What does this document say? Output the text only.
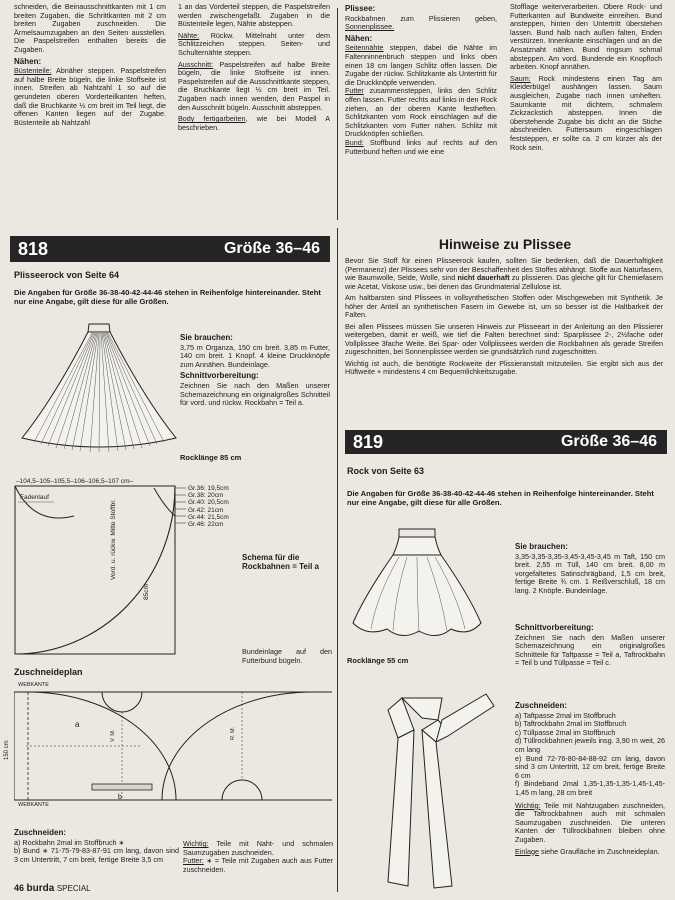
schneiden, die Beinausschnittkanten mit 1 cm breiten Zugaben, die Schrittkanten mit 2 cm breiten Zugaben zuschneiden. Die Ärmelsaumzugaben an den Seiten ausstellen. Die Paspelstreifen enthalten bereits die Zugaben.

Nähen:

Büstenteile: Abnäher steppen. Paspelstreifen auf halbe Breite bügeln, die linke Stoffseite ist innen. Streifen ab Nahtzahl 1 so auf die gerundeten oberen Vorderteilkanten heften, daß die Bruchkante ½ cm breit im Teil liegt, die offenen Kanten liegen auf der Zugabe. Büstenteile ab Nahtzahl

1 an das Vorderteil steppen, die Paspelstreifen werden zwischengefaßt. Zugaben in die Büstenteile legen, Nähte absteppen.

Nähte: Rückw. Mittelnaht unter dem Schlitzzeichen steppen. Seiten- und Schulternähte steppen.

Ausschnitt: Paspelstreifen auf halbe Breite bügeln, die linke Stoffseite ist innen. Paspelstreifen auf die Ausschnittkante steppen, die Bruchkante liegt ½ cm breit im Teil. Zugaben nach innen wenden, den Paspel in den Ausschnitt bügeln. Ausschnitt absteppen.

Body fertigarbeiten, wie bei Modell A beschrieben.

Plissee:

Rockbahnen zum Plissieren geben, Sonnenplissee.

Nähen:

Seitennähte steppen, dabei die Nähte im Faltenninnenbruch steppen und links oben einen 18 cm langen Schlitz offen lassen. Die Zugabe der rückw. Schlitzkante als Untertritt für die Druckknöpfe verwenden.
Futter zusammensteppen, links den Schlitz offen lassen. Futter rechts auf links in den Rock ziehen, an der oberen Kante festheften. Schlitzkanten vom Rock einschlagen auf die Schlitzkanten vom Futter nähen. Schlitz mit Druckknöpfen schließen.
Bund: Stoffbund links auf rechts auf den Futterbund heften und wie eine

Stofflage weiterverarbeiten. Obere Rock- und Futterkanten auf Bundweite einreihen. Bund ansteppen, hinten den Untertritt überstehen lassen. Bund halb nach außen falten, Enden verstürzen. Innenkante einschlagen und an die Ansatznaht nähen. Bund ringsum schmal absteppen. Am vord. Bundende ein Knopfloch arbeiten. Knopf annähen.

Saum: Rock mindestens einen Tag am Kleiderbügel aushängen lassen. Saum ausgleichen, Zugabe nach innen umheften. Saumkante mit dichtem, schmalem Zickzackstich absteppen. Innen die überstehende Zugabe bis dicht an die Stiche abschneiden. Futtersaum eingeschlagen feststeppen, er sollte ca. 2 cm kürzer als der Rock sein.

818	Größe 36–46
Plisseerock von Seite 64
Die Angaben für Größe 36-38-40-42-44-46 stehen in Reihenfolge hintereinander. Steht nur eine Angabe, gilt diese für alle Größen.
Sie brauchen:

3,75 m Organza, 150 cm breit. 3,85 m Futter, 140 cm breit. 1 Knopf. 4 kleine Druckknöpfe zum Annähen. Bundeinlage.

Schnittvorbereitung:

Zeichnen Sie nach den Maßen unserer Schemazeichnung ein originalgroßes Schnitteil für vord. und rückw. Rockbahn = Teil a.

Rocklänge 85 cm
–104,5–105–105,5–106–106,5–107 cm–
Fadenlauf
Gr.36: 19,5cm
Gr.38: 20cm
Gr.40: 20,5cm
Gr.42: 21cm
Gr.44: 21,5cm
Gr.46: 22cm
Vord. u. rückw. Mitte Stoffbr.
85cm
Schema für die Rockbahnen = Teil a
Bundeinlage auf den Futterbund bügeln.
Zuschneideplan
WEBKANTE
WEBKANTE
150 cm
a
b
V. M.	R. M.
Zuschneiden:
a) Rockbahn 2mal im Stoffbruch ∗
b) Bund ∗ 71-75-79-83-87-91 cm lang, davon sind 3 cm Untertritt, 7 cm breit, fertige Breite 3,5 cm

Wichtig: Teile mit Naht- und schmalen Saumzugaben zuschneiden.
Futter: ∗ = Teile mit Zugaben auch aus Futter zuschneiden.

Hinweise zu Plissee

Bevor Sie Stoff für einen Plisseerock kaufen, sollten Sie bedenken, daß die Dauerhaftigkeit (Permanenz) der Plissees sehr von der Beschaffenheit des Stoffes abhängt. Stoffe aus Naturfasern, wie Baumwolle, Seide, Wolle, sind nicht dauerhaft zu plissieren. Das gleiche gilt für Chemiefasern wie Acetat, Viskose usw., bei denen das Grundmaterial Zellulose ist.

Am haltbarsten sind Plissees in vollsynthetischen Stoffen oder Mischgeweben mit Synthetik. Je höher der Anteil an synthetischen Fasern im Gewebe ist, um so besser ist die Haltbarkeit der Falten.

Bei allen Plissees müssen Sie unseren Hinweis zur Plisseeart in der Anleitung an den Plissierer weitergeben, damit er weiß, wie tief die Falten berechnet sind: Sparplissee 2-, 2½fache oder Vollplissee 3fache Weite. Bei Spar- oder Vollplissees werden die Rockbahnen als gerade Streifen zugeschnitten, bei Sonnenplissee werden sie grundsätzlich rund zugeschnitten.

Wichtig ist auch, die benötigte Rockweite der Plissieranstalt mitzuteilen. Sie ergibt sich aus der Hüftweite + mindestens 4 cm Bequemlichkeitszugabe.

819	Größe 36–46
Rock von Seite 63
Die Angaben für Größe 36-38-40-42-44-46 stehen in Reihenfolge hintereinander. Steht nur eine Angabe, gilt diese für alle Größen.
Rocklänge 55 cm
Sie brauchen:

3,35-3,35-3,35-3,45-3,45-3,45 m Taft, 150 cm breit. 2,55 m Tüll, 140 cm breit. 8,00 m vorgefaltetes Satinschrägband, 1,5 cm breit, fertige Breite ¾ cm. 1 Reißverschluß, 18 cm lang. 2 Knöpfe. Bundeinlage.

Schnittvorbereitung:

Zeichnen Sie nach den Maßen unserer Schemazeichnung ein originalgroßes Schnitteile für Taftpasse = Teil a, Taftrockbahn = Teil b und Tüllpasse = Teil c.

Zuschneiden:
a) Taftpasse 2mal im Stoffbruch
b) Taftrockbahn 2mal im Stoffbruch
c) Tüllpasse 2mal im Stoffbruch
d) Tüllrockbahnen jeweils insg. 3,90 m weit, 26 cm lang
e) Bund 72-76-80-84-88-92 cm lang, davon sind 3 cm Untertritt, 12 cm breit, fertige Breite 6 cm
f) Bindeband 2mal 1,35-1,35-1,35-1,45-1,45-1,45 m lang, 28 cm breit

Wichtig: Teile mit Nahtzugaben zuschneiden, die Taftrockbahnen auch mit schmalen Saumzugaben zuschneiden. Die unteren Kanten der Tüllrockbahnen bleiben ohne Zugaben.

Einlage siehe Graufläche im Zuschneideplan.

46 burda SPECIAL
